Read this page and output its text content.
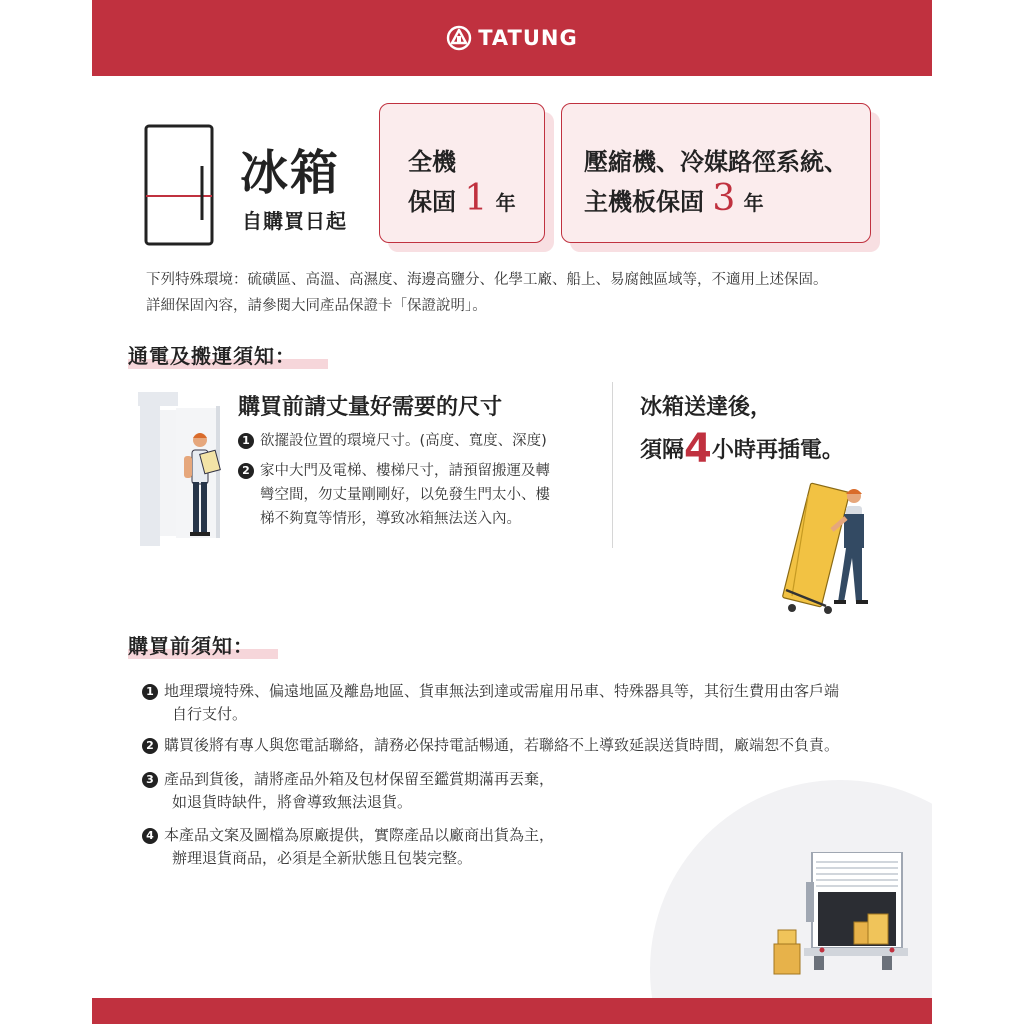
TATUNG
冰箱
自購買日起
全機
保固 1 年
壓縮機、冷媒路徑系統、
主機板保固 3 年
下列特殊環境：硫磺區、高溫、高濕度、海邊高鹽分、化學工廠、船上、易腐蝕區域等，不適用上述保固。
詳細保固內容，請參閱大同產品保證卡「保證說明」。
通電及搬運須知：
購買前請丈量好需要的尺寸
1 欲擺設位置的環境尺寸。(高度、寬度、深度)
2 家中大門及電梯、樓梯尺寸，請預留搬運及轉
彎空間，勿丈量剛剛好，以免發生門太小、樓
梯不夠寬等情形，導致冰箱無法送入內。
冰箱送達後，
須隔4小時再插電。
購買前須知：
1 地理環境特殊、偏遠地區及離島地區、貨車無法到達或需雇用吊車、特殊器具等，其衍生費用由客戶端
自行支付。
2 購買後將有專人與您電話聯絡，請務必保持電話暢通，若聯絡不上導致延誤送貨時間，廠端恕不負責。
3 產品到貨後，請將產品外箱及包材保留至鑑賞期滿再丟棄，
如退貨時缺件，將會導致無法退貨。
4 本產品文案及圖檔為原廠提供，實際產品以廠商出貨為主，
辦理退貨商品，必須是全新狀態且包裝完整。
